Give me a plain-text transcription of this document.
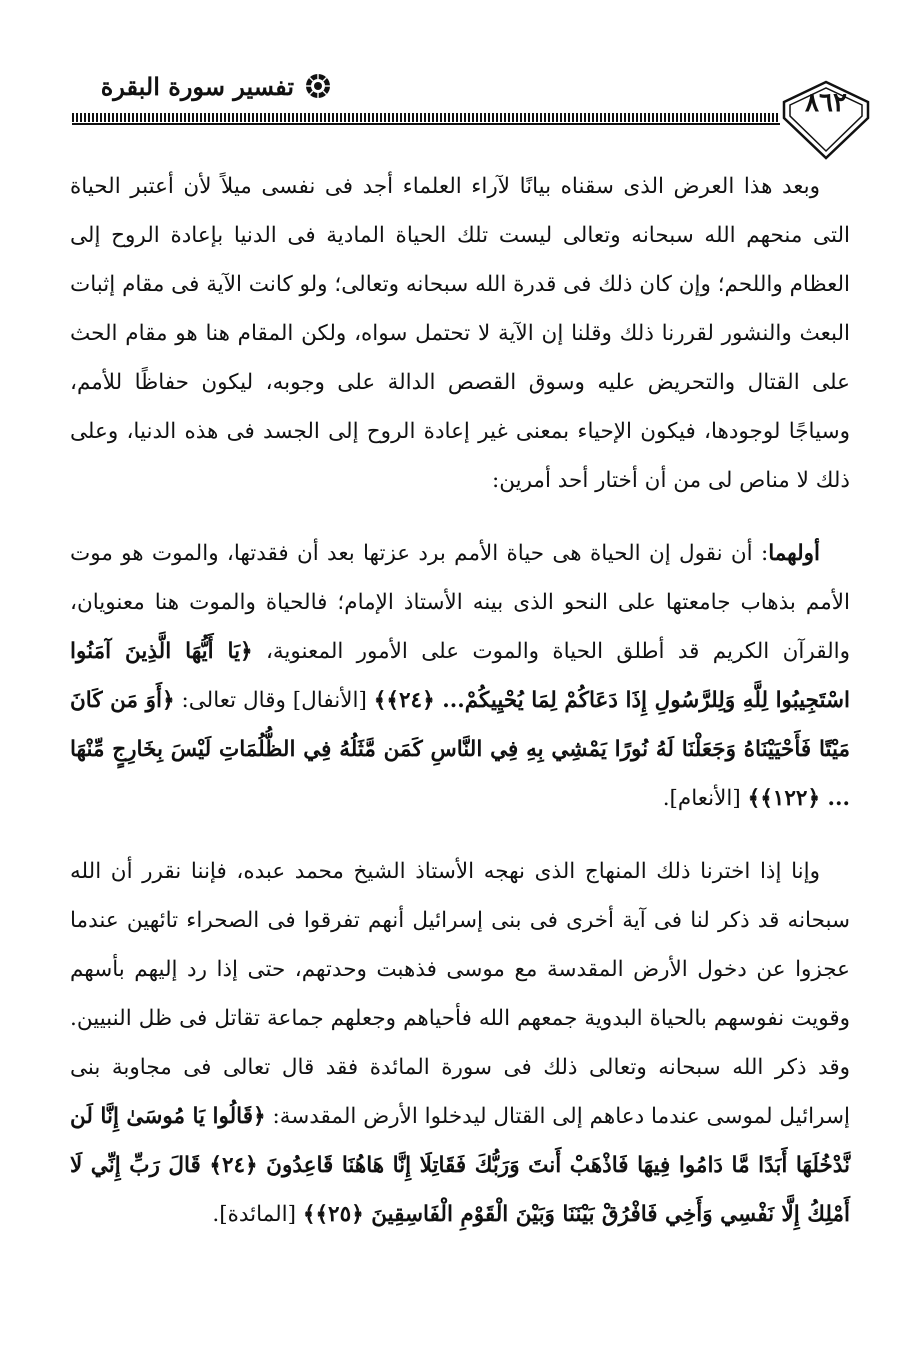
تفسير سورة البقرة
٨٦٢

وبعد هذا العرض الذى سقناه بيانًا لآراء العلماء أجد فى نفسى ميلاً لأن أعتبر الحياة التى منحهم الله سبحانه وتعالى ليست تلك الحياة المادية فى الدنيا بإعادة الروح إلى العظام واللحم؛ وإن كان ذلك فى قدرة الله سبحانه وتعالى؛ ولو كانت الآية فى مقام إثبات البعث والنشور لقررنا ذلك وقلنا إن الآية لا تحتمل سواه، ولكن المقام هنا هو مقام الحث على القتال والتحريض عليه وسوق القصص الدالة على وجوبه، ليكون حفاظًا للأمم، وسياجًا لوجودها، فيكون الإحياء بمعنى غير إعادة الروح إلى الجسد فى هذه الدنيا، وعلى ذلك لا مناص لى من أن أختار أحد أمرين:

أولهما: أن نقول إن الحياة هى حياة الأمم برد عزتها بعد أن فقدتها، والموت هو موت الأمم بذهاب جامعتها على النحو الذى بينه الأستاذ الإمام؛ فالحياة والموت هنا معنويان، والقرآن الكريم قد أطلق الحياة والموت على الأمور المعنوية، ﴿يَا أَيُّهَا الَّذِينَ آمَنُوا اسْتَجِيبُوا لِلَّهِ وَلِلرَّسُولِ إِذَا دَعَاكُمْ لِمَا يُحْيِيكُمْ... ﴿٢٤﴾﴾ [الأنفال] وقال تعالى: ﴿أَوَ مَن كَانَ مَيْتًا فَأَحْيَيْنَاهُ وَجَعَلْنَا لَهُ نُورًا يَمْشِي بِهِ فِي النَّاسِ كَمَن مَّثَلُهُ فِي الظُّلُمَاتِ لَيْسَ بِخَارِجٍ مِّنْهَا ... ﴿١٢٢﴾﴾ [الأنعام].

وإنا إذا اخترنا ذلك المنهاج الذى نهجه الأستاذ الشيخ محمد عبده، فإننا نقرر أن الله سبحانه قد ذكر لنا فى آية أخرى فى بنى إسرائيل أنهم تفرقوا فى الصحراء تائهين عندما عجزوا عن دخول الأرض المقدسة مع موسى فذهبت وحدتهم، حتى إذا رد إليهم بأسهم وقويت نفوسهم بالحياة البدوية جمعهم الله فأحياهم وجعلهم جماعة تقاتل فى ظل النبيين. وقد ذكر الله سبحانه وتعالى ذلك فى سورة المائدة فقد قال تعالى فى مجاوبة بنى إسرائيل لموسى عندما دعاهم إلى القتال ليدخلوا الأرض المقدسة: ﴿قَالُوا يَا مُوسَىٰ إِنَّا لَن نَّدْخُلَهَا أَبَدًا مَّا دَامُوا فِيهَا فَاذْهَبْ أَنتَ وَرَبُّكَ فَقَاتِلَا إِنَّا هَاهُنَا قَاعِدُونَ ﴿٢٤﴾ قَالَ رَبِّ إِنِّي لَا أَمْلِكُ إِلَّا نَفْسِي وَأَخِي فَافْرُقْ بَيْنَنَا وَبَيْنَ الْقَوْمِ الْفَاسِقِينَ ﴿٢٥﴾﴾ [المائدة].
